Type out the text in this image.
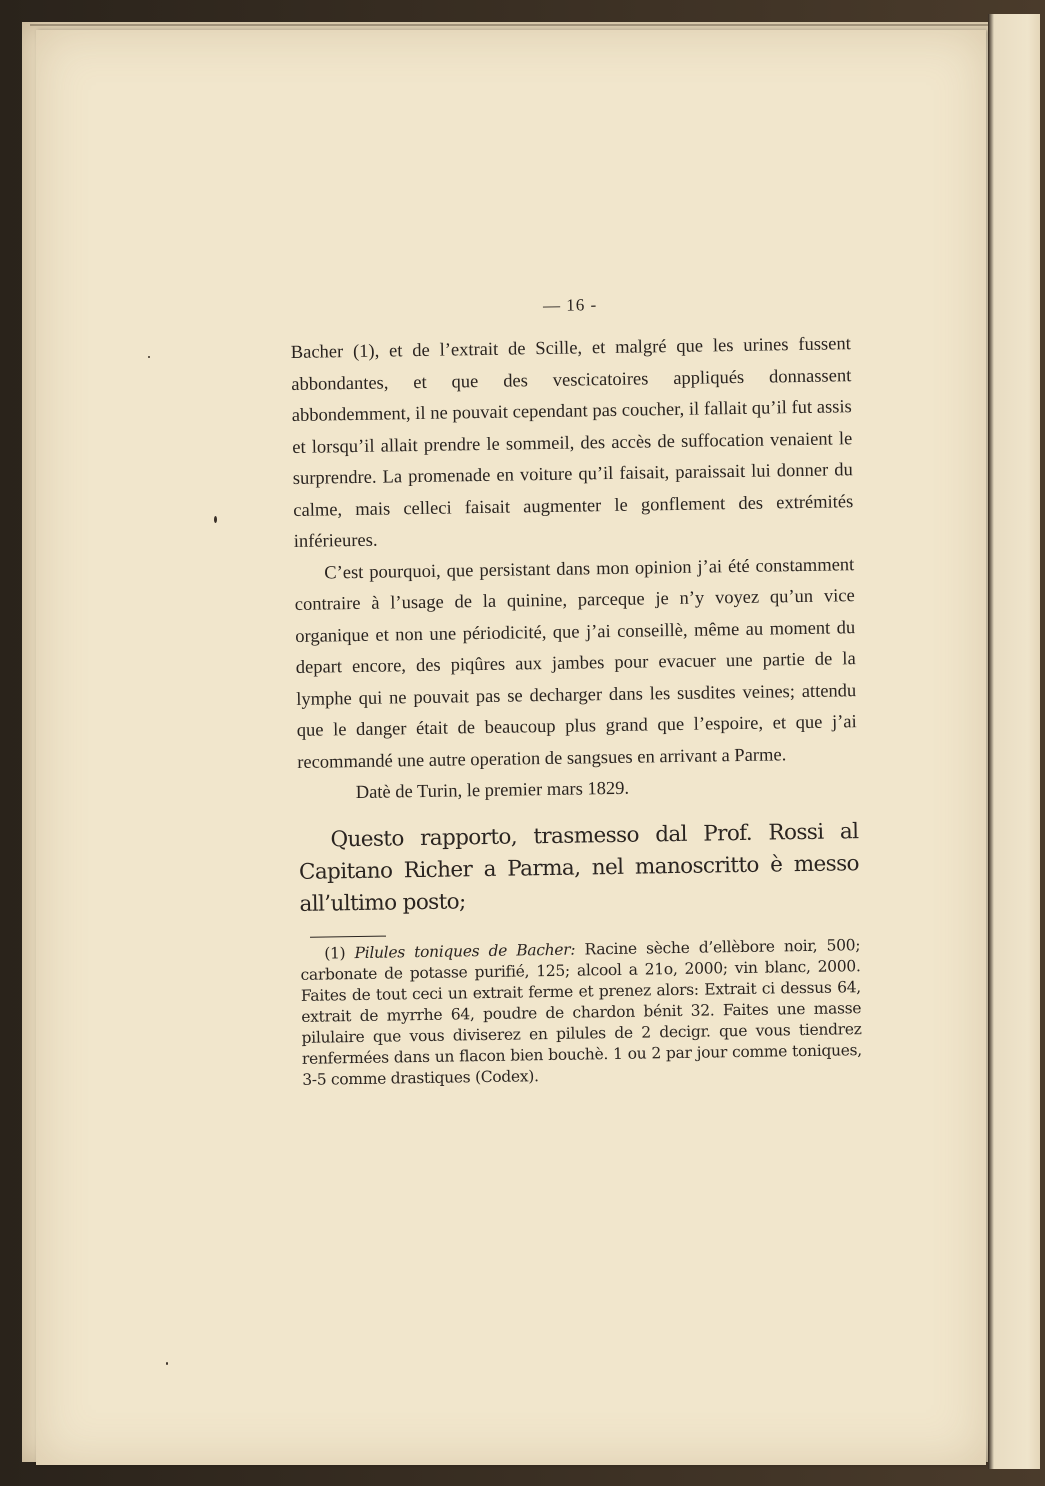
— 16 -

Bacher (1), et de l’extrait de Scille, et malgré que les urines fussent abbondantes, et que des vescicatoires appliqués donnassent abbondemment, il ne pouvait cependant pas coucher, il fallait qu’il fut assis et lorsqu’il allait prendre le sommeil, des accès de suffocation venaient le surprendre. La promenade en voiture qu’il faisait, paraissait lui donner du calme, mais celleci faisait augmenter le gonflement des extrémités inférieures.

C’est pourquoi, que persistant dans mon opinion j’ai été constamment contraire à l’usage de la quinine, parceque je n’y voyez qu’un vice organique et non une périodicité, que j’ai conseillè, même au moment du depart encore, des piqûres aux jambes pour evacuer une partie de la lymphe qui ne pouvait pas se decharger dans les susdites veines; attendu que le danger était de beaucoup plus grand que l’espoire, et que j’ai recommandé une autre operation de sangsues en arrivant a Parme.

Datè de Turin, le premier mars 1829.

Questo rapporto, trasmesso dal Prof. Rossi al Capitano Richer a Parma, nel manoscritto è messo all’ultimo posto;

(1) Pilules toniques de Bacher: Racine sèche d’ellèbore noir, 500; carbonate de potasse purifié, 125; alcool a 21o, 2000; vin blanc, 2000. Faites de tout ceci un extrait ferme et prenez alors: Extrait ci dessus 64, extrait de myrrhe 64, poudre de chardon bénit 32. Faites une masse pilulaire que vous diviserez en pilules de 2 decigr. que vous tiendrez renfermées dans un flacon bien bouchè. 1 ou 2 par jour comme toniques, 3-5 comme drastiques (Codex).
